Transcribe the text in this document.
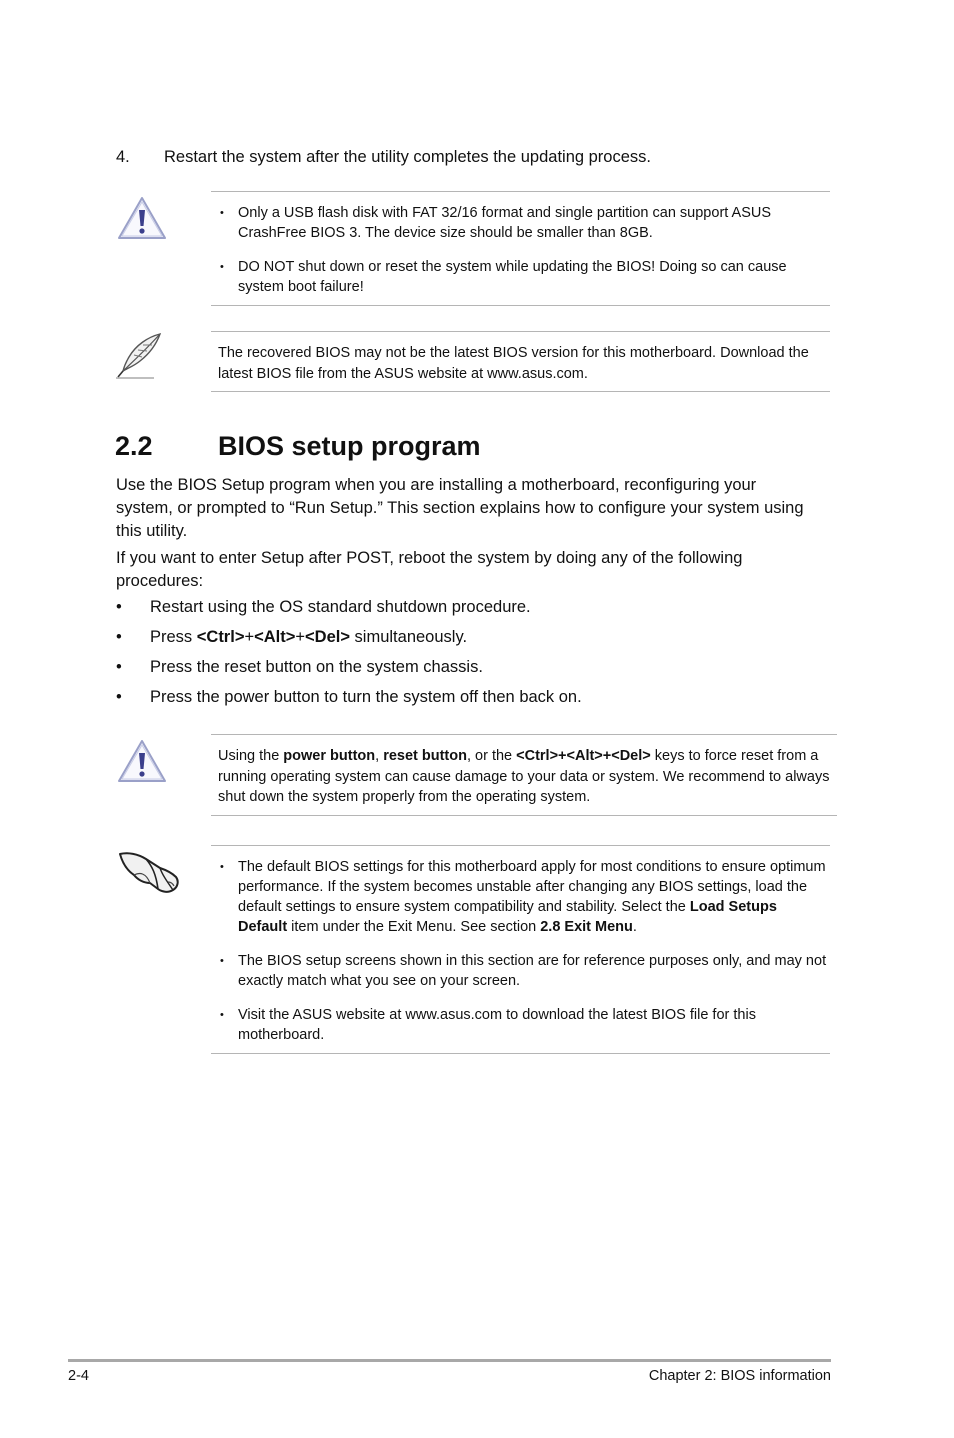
4. Restart the system after the utility completes the updating process.
• Only a USB flash disk with FAT 32/16 format and single partition can support ASUS CrashFree BIOS 3. The device size should be smaller than 8GB.
• DO NOT shut down or reset the system while updating the BIOS! Doing so can cause system boot failure!

The recovered BIOS may not be the latest BIOS version for this motherboard. Download the latest BIOS file from the ASUS website at www.asus.com.

2.2 BIOS setup program
Use the BIOS Setup program when you are installing a motherboard, reconfiguring your system, or prompted to “Run Setup.” This section explains how to configure your system using this utility.
If you want to enter Setup after POST, reboot the system by doing any of the following procedures:
• Restart using the OS standard shutdown procedure.
• Press <Ctrl>+<Alt>+<Del> simultaneously.
• Press the reset button on the system chassis.
• Press the power button to turn the system off then back on.

Using the power button, reset button, or the <Ctrl>+<Alt>+<Del> keys to force reset from a running operating system can cause damage to your data or system. We recommend to always shut down the system properly from the operating system.

• The default BIOS settings for this motherboard apply for most conditions to ensure optimum performance. If the system becomes unstable after changing any BIOS settings, load the default settings to ensure system compatibility and stability. Select the Load Setups Default item under the Exit Menu. See section 2.8 Exit Menu.
• The BIOS setup screens shown in this section are for reference purposes only, and may not exactly match what you see on your screen.
• Visit the ASUS website at www.asus.com to download the latest BIOS file for this motherboard.
2-4	Chapter 2: BIOS information
